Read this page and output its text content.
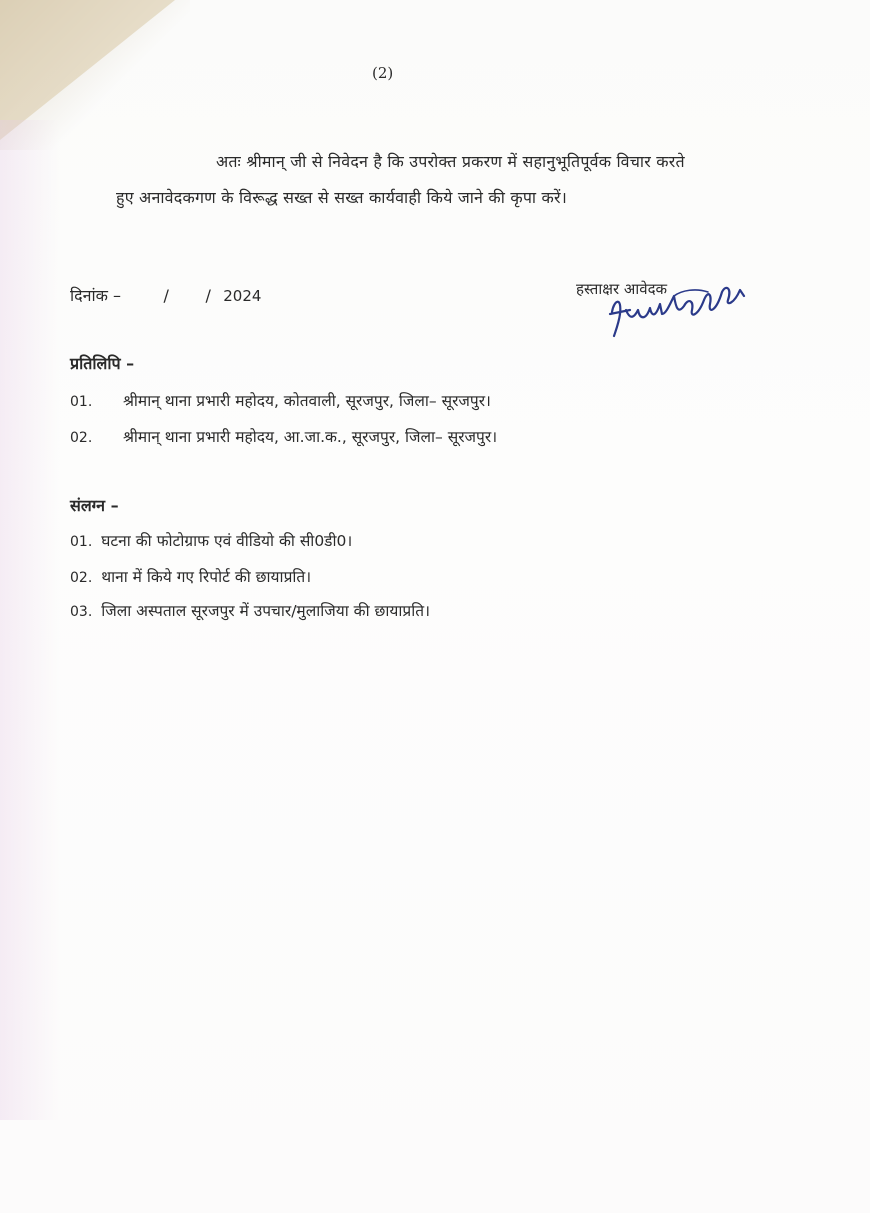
(2)
अतः श्रीमान् जी से निवेदन है कि उपरोक्त प्रकरण में सहानुभूतिपूर्वक विचार करते
हुए अनावेदकगण के विरूद्ध सख्त से सख्त कार्यवाही किये जाने की कृपा करें।
दिनांक –	/ / 2024	हस्ताक्षर आवेदक
प्रतिलिपि –
01. श्रीमान् थाना प्रभारी महोदय, कोतवाली, सूरजपुर, जिला– सूरजपुर।
02. श्रीमान् थाना प्रभारी महोदय, आ.जा.क., सूरजपुर, जिला– सूरजपुर।
संलग्न –
01. घटना की फोटोग्राफ एवं वीडियो की सी0डी0।
02. थाना में किये गए रिपोर्ट की छायाप्रति।
03. जिला अस्पताल सूरजपुर में उपचार/मुलाजिया की छायाप्रति।
